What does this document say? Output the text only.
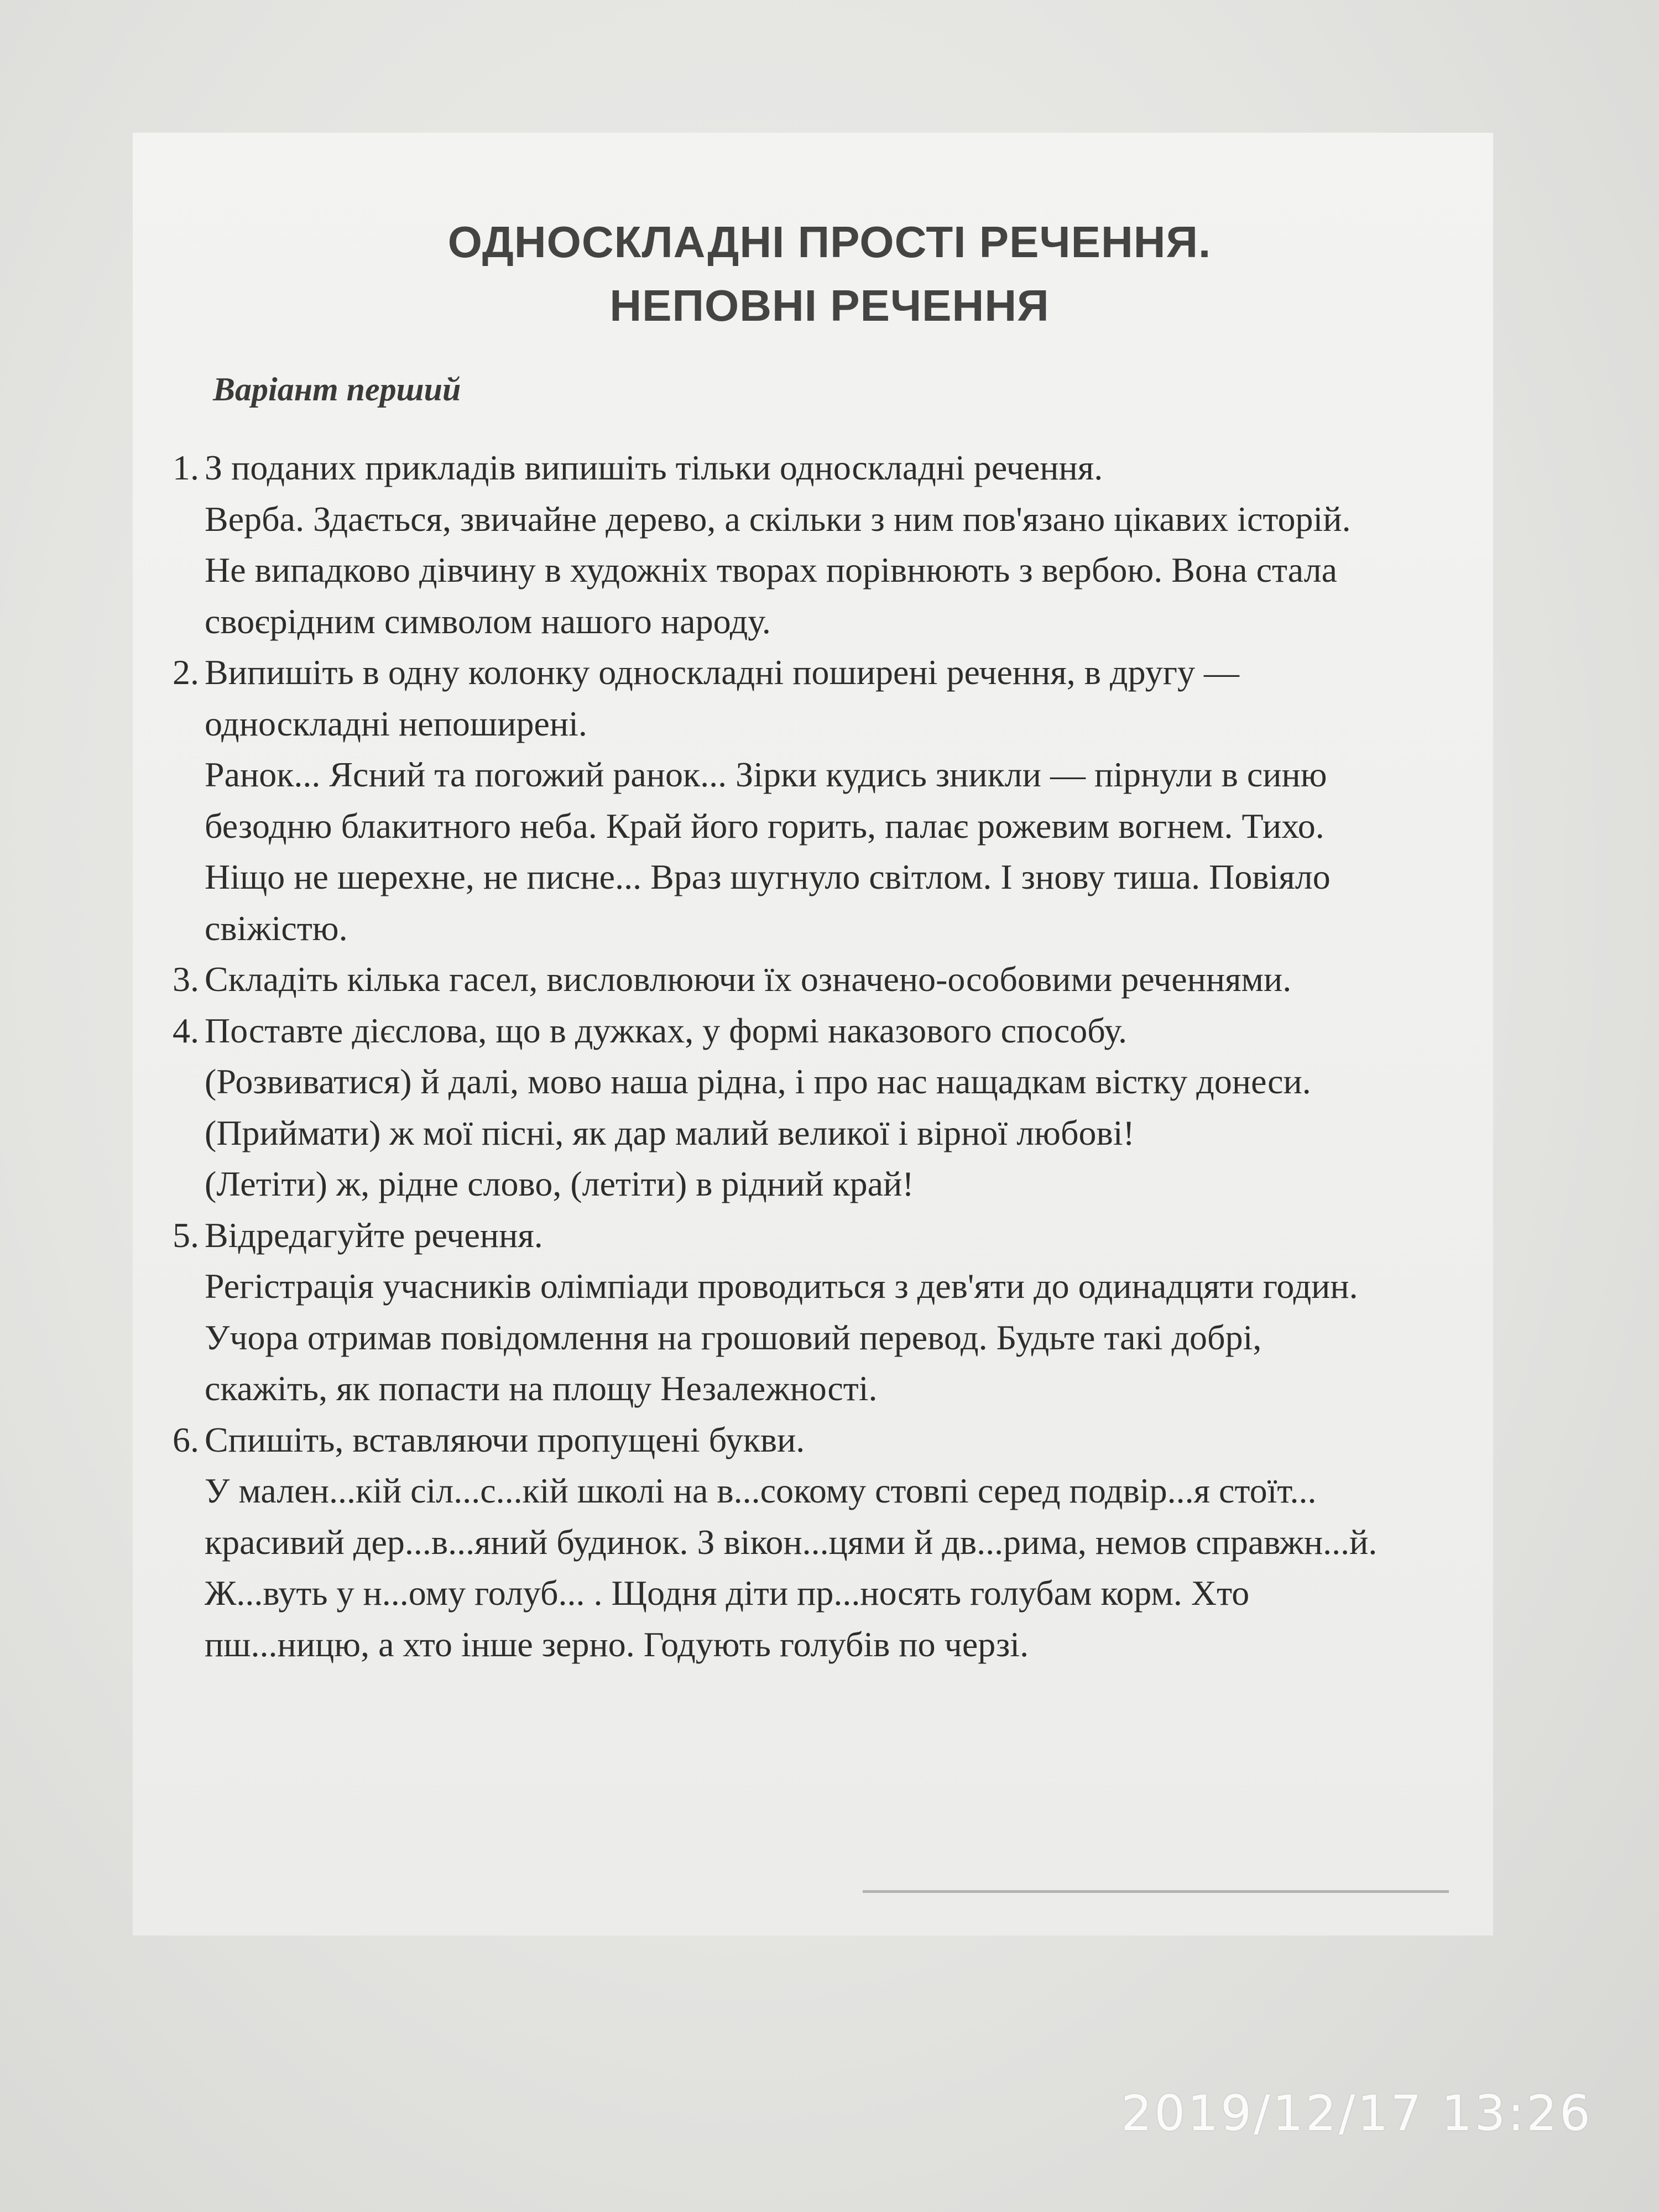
ОДНОСКЛАДНІ ПРОСТІ РЕЧЕННЯ.
НЕПОВНІ РЕЧЕННЯ
Варіант перший
1. З поданих прикладів випишіть тільки односкладні речення.
Верба. Здається, звичайне дерево, а скільки з ним пов'язано цікавих історій.
Не випадково дівчину в художніх творах порівнюють з вербою. Вона стала своєрідним символом нашого народу.
2. Випишіть в одну колонку односкладні поширені речення, в другу — односкладні непоширені.
Ранок... Ясний та погожий ранок... Зірки кудись зникли — пірнули в синю безодню блакитного неба. Край його горить, палає рожевим вогнем. Тихо. Ніщо не шерехне, не писне... Враз шугнуло світлом. І знову тиша. Повіяло свіжістю.
3. Складіть кілька гасел, висловлюючи їх означено-особовими реченнями.
4. Поставте дієслова, що в дужках, у формі наказового способу.
(Розвиватися) й далі, мово наша рідна, і про нас нащадкам вістку донеси.
(Приймати) ж мої пісні, як дар малий великої і вірної любові!
(Летіти) ж, рідне слово, (летіти) в рідний край!
5. Відредагуйте речення.
Регістрація учасників олімпіади проводиться з дев'яти до одинадцяти годин. Учора отримав повідомлення на грошовий перевод. Будьте такі добрі, скажіть, як попасти на площу Незалежності.
6. Спишіть, вставляючи пропущені букви.
У мален...кій сіл...с...кій школі на в...сокому стовпі серед подвір...я стоїт... красивий дер...в...яний будинок. З вікон...цями й дв...рима, немов справжн...й. Ж...вуть у н...ому голуб... . Щодня діти пр...носять голубам корм. Хто пш...ницю, а хто інше зерно. Годують голубів по черзі.
2019/12/17 13:26
